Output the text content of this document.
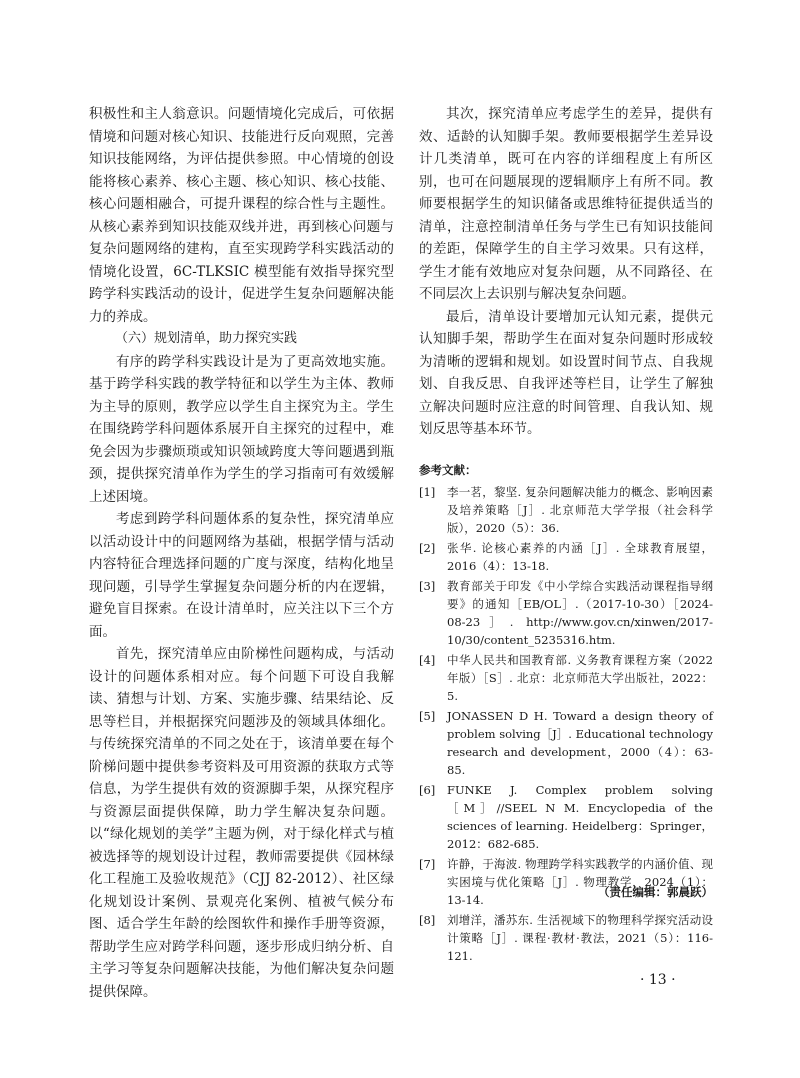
积极性和主人翁意识。问题情境化完成后，可依据情境和问题对核心知识、技能进行反向观照，完善知识技能网络，为评估提供参照。中心情境的创设能将核心素养、核心主题、核心知识、核心技能、核心问题相融合，可提升课程的综合性与主题性。从核心素养到知识技能双线并进，再到核心问题与复杂问题网络的建构，直至实现跨学科实践活动的情境化设置，6C-TLKSIC 模型能有效指导探究型跨学科实践活动的设计，促进学生复杂问题解决能力的养成。

（六）规划清单，助力探究实践

有序的跨学科实践设计是为了更高效地实施。基于跨学科实践的教学特征和以学生为主体、教师为主导的原则，教学应以学生自主探究为主。学生在围绕跨学科问题体系展开自主探究的过程中，难免会因为步骤烦琐或知识领域跨度大等问题遇到瓶颈，提供探究清单作为学生的学习指南可有效缓解上述困境。

考虑到跨学科问题体系的复杂性，探究清单应以活动设计中的问题网络为基础，根据学情与活动内容特征合理选择问题的广度与深度，结构化地呈现问题，引导学生掌握复杂问题分析的内在逻辑，避免盲目探索。在设计清单时，应关注以下三个方面。

首先，探究清单应由阶梯性问题构成，与活动设计的问题体系相对应。每个问题下可设自我解读、猜想与计划、方案、实施步骤、结果结论、反思等栏目，并根据探究问题涉及的领域具体细化。与传统探究清单的不同之处在于，该清单要在每个阶梯问题中提供参考资料及可用资源的获取方式等信息，为学生提供有效的资源脚手架，从探究程序与资源层面提供保障，助力学生解决复杂问题。以“绿化规划的美学”主题为例，对于绿化样式与植被选择等的规划设计过程，教师需要提供《园林绿化工程施工及验收规范》（CJJ 82-2012）、社区绿化规划设计案例、景观亮化案例、植被气候分布图、适合学生年龄的绘图软件和操作手册等资源，帮助学生应对跨学科问题，逐步形成归纳分析、自主学习等复杂问题解决技能，为他们解决复杂问题提供保障。

其次，探究清单应考虑学生的差异，提供有效、适龄的认知脚手架。教师要根据学生差异设计几类清单，既可在内容的详细程度上有所区别，也可在问题展现的逻辑顺序上有所不同。教师要根据学生的知识储备或思维特征提供适当的清单，注意控制清单任务与学生已有知识技能间的差距，保障学生的自主学习效果。只有这样，学生才能有效地应对复杂问题，从不同路径、在不同层次上去识别与解决复杂问题。

最后，清单设计要增加元认知元素，提供元认知脚手架，帮助学生在面对复杂问题时形成较为清晰的逻辑和规划。如设置时间节点、自我规划、自我反思、自我评述等栏目，让学生了解独立解决问题时应注意的时间管理、自我认知、规划反思等基本环节。

参考文献：
[1] 李一茗，黎坚. 复杂问题解决能力的概念、影响因素及培养策略［J］. 北京师范大学学报（社会科学版），2020（5）：36.
[2] 张华. 论核心素养的内涵［J］. 全球教育展望，2016（4）：13-18.
[3] 教育部关于印发《中小学综合实践活动课程指导纲要》的通知［EB/OL］.（2017-10-30）［2024-08-23］. http://www.gov.cn/xinwen/2017-10/30/content_5235316.htm.
[4] 中华人民共和国教育部. 义务教育课程方案（2022年版）［S］. 北京：北京师范大学出版社，2022：5.
[5] JONASSEN D H. Toward a design theory of problem solving［J］. Educational technology research and development，2000（4）：63-85.
[6] FUNKE J. Complex problem solving［M］//SEEL N M. Encyclopedia of the sciences of learning. Heidelberg：Springer，2012：682-685.
[7] 许静，于海波. 物理跨学科实践教学的内涵价值、现实困境与优化策略［J］. 物理教学，2024（1）：13-14.
[8] 刘增洋，潘苏东. 生活视域下的物理科学探究活动设计策略［J］. 课程·教材·教法，2021（5）：116-121.
（责任编辑：郭晨跃）
· 13 ·
